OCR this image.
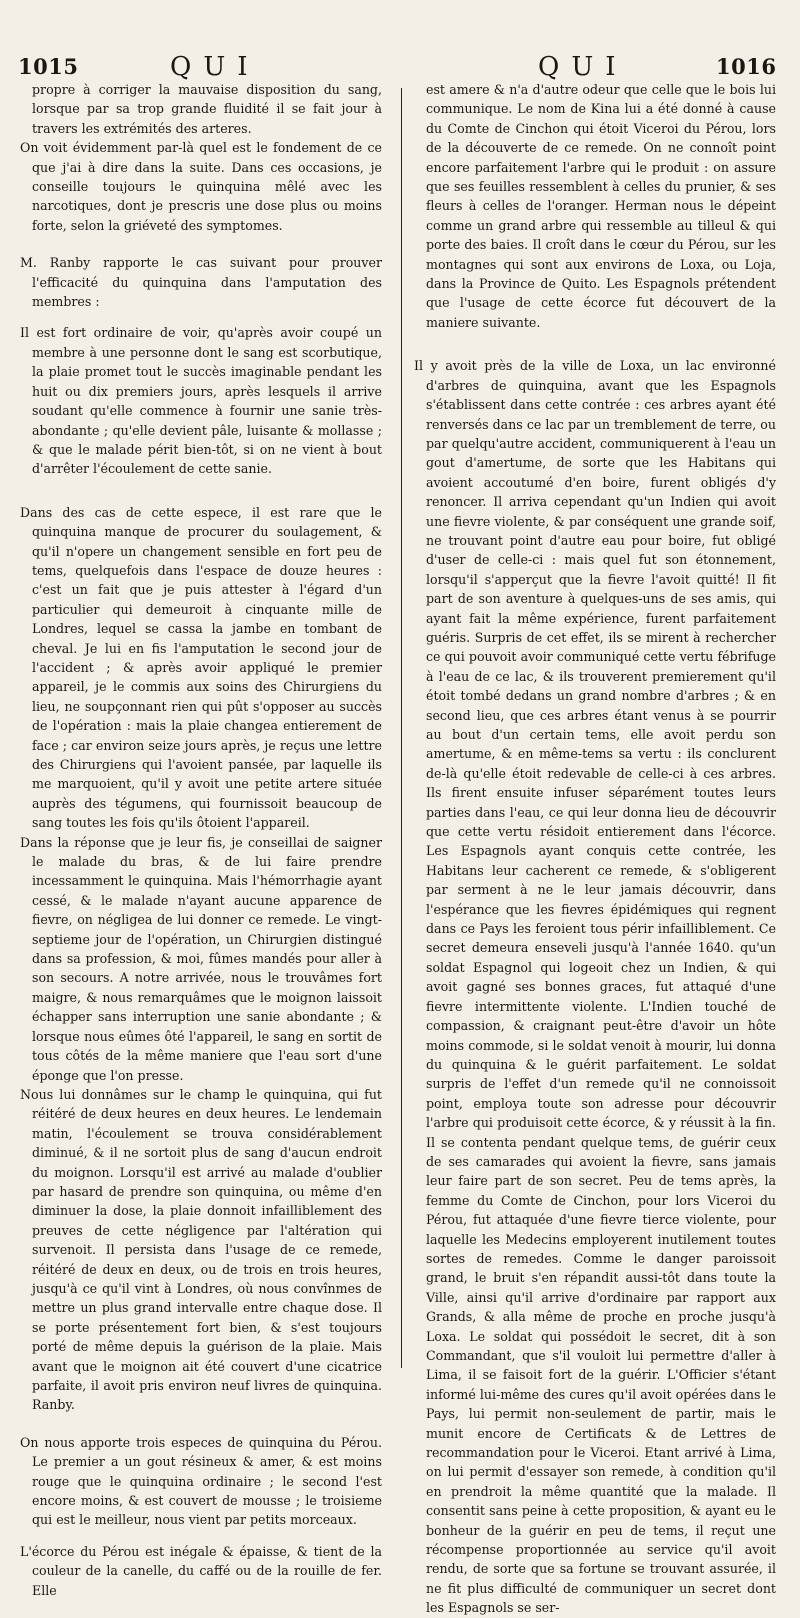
1015	QUI	QUI	1016

propre à corriger la mauvaise disposition du sang, lorsque par sa trop grande fluidité il se fait jour à travers les extrémités des arteres.

On voit évidemment par-là quel est le fondement de ce que j'ai à dire dans la suite. Dans ces occasions, je conseille toujours le quinquina mêlé avec les narcotiques, dont je prescris une dose plus ou moins forte, selon la griéveté des symptomes.

M. Ranby rapporte le cas suivant pour prouver l'efficacité du quinquina dans l'amputation des membres :

Il est fort ordinaire de voir, qu'après avoir coupé un membre à une personne dont le sang est scorbutique, la plaie promet tout le succès imaginable pendant les huit ou dix premiers jours, après lesquels il arrive soudant qu'elle commence à fournir une sanie très-abondante ; qu'elle devient pâle, luisante & mollasse ; & que le malade périt bien-tôt, si on ne vient à bout d'arrêter l'écoulement de cette sanie.

Dans des cas de cette espece, il est rare que le quinquina manque de procurer du soulagement, & qu'il n'opere un changement sensible en fort peu de tems, quelquefois dans l'espace de douze heures : c'est un fait que je puis attester à l'égard d'un particulier qui demeuroit à cinquante mille de Londres, lequel se cassa la jambe en tombant de cheval. Je lui en fis l'amputation le second jour de l'accident ; & après avoir appliqué le premier appareil, je le commis aux soins des Chirurgiens du lieu, ne soupçonnant rien qui pût s'opposer au succès de l'opération : mais la plaie changea entierement de face ; car environ seize jours après, je reçus une lettre des Chirurgiens qui l'avoient pansée, par laquelle ils me marquoient, qu'il y avoit une petite artere située auprès des tégumens, qui fournissoit beaucoup de sang toutes les fois qu'ils ôtoient l'appareil.

Dans la réponse que je leur fis, je conseillai de saigner le malade du bras, & de lui faire prendre incessamment le quinquina. Mais l'hémorrhagie ayant cessé, & le malade n'ayant aucune apparence de fievre, on négligea de lui donner ce remede. Le vingt-septieme jour de l'opération, un Chirurgien distingué dans sa profession, & moi, fûmes mandés pour aller à son secours. A notre arrivée, nous le trouvâmes fort maigre, & nous remarquâmes que le moignon laissoit échapper sans interruption une sanie abondante ; & lorsque nous eûmes ôté l'appareil, le sang en sortit de tous côtés de la même maniere que l'eau sort d'une éponge que l'on presse.

Nous lui donnâmes sur le champ le quinquina, qui fut réitéré de deux heures en deux heures. Le lendemain matin, l'écoulement se trouva considérablement diminué, & il ne sortoit plus de sang d'aucun endroit du moignon. Lorsqu'il est arrivé au malade d'oublier par hasard de prendre son quinquina, ou même d'en diminuer la dose, la plaie donnoit infailliblement des preuves de cette négligence par l'altération qui survenoit. Il persista dans l'usage de ce remede, réitéré de deux en deux, ou de trois en trois heures, jusqu'à ce qu'il vint à Londres, où nous convînmes de mettre un plus grand intervalle entre chaque dose. Il se porte présentement fort bien, & s'est toujours porté de même depuis la guérison de la plaie. Mais avant que le moignon ait été couvert d'une cicatrice parfaite, il avoit pris environ neuf livres de quinquina. Ranby.

On nous apporte trois especes de quinquina du Pérou. Le premier a un gout résineux & amer, & est moins rouge que le quinquina ordinaire ; le second l'est encore moins, & est couvert de mousse ; le troisieme qui est le meilleur, nous vient par petits morceaux.

L'écorce du Pérou est inégale & épaisse, & tient de la couleur de la canelle, du caffé ou de la rouille de fer. Elle

est amere & n'a d'autre odeur que celle que le bois lui communique. Le nom de Kina lui a été donné à cause du Comte de Cinchon qui étoit Viceroi du Pérou, lors de la découverte de ce remede. On ne connoît point encore parfaitement l'arbre qui le produit : on assure que ses feuilles ressemblent à celles du prunier, & ses fleurs à celles de l'oranger. Herman nous le dépeint comme un grand arbre qui ressemble au tilleul & qui porte des baies. Il croît dans le cœur du Pérou, sur les montagnes qui sont aux environs de Loxa, ou Loja, dans la Province de Quito. Les Espagnols prétendent que l'usage de cette écorce fut découvert de la maniere suivante.

Il y avoit près de la ville de Loxa, un lac environné d'arbres de quinquina, avant que les Espagnols s'établissent dans cette contrée : ces arbres ayant été renversés dans ce lac par un tremblement de terre, ou par quelqu'autre accident, communiquerent à l'eau un gout d'amertume, de sorte que les Habitans qui avoient accoutumé d'en boire, furent obligés d'y renoncer. Il arriva cependant qu'un Indien qui avoit une fievre violente, & par conséquent une grande soif, ne trouvant point d'autre eau pour boire, fut obligé d'user de celle-ci : mais quel fut son étonnement, lorsqu'il s'apperçut que la fievre l'avoit quitté! Il fit part de son aventure à quelques-uns de ses amis, qui ayant fait la même expérience, furent parfaitement guéris. Surpris de cet effet, ils se mirent à rechercher ce qui pouvoit avoir communiqué cette vertu fébrifuge à l'eau de ce lac, & ils trouverent premierement qu'il étoit tombé dedans un grand nombre d'arbres ; & en second lieu, que ces arbres étant venus à se pourrir au bout d'un certain tems, elle avoit perdu son amertume, & en même-tems sa vertu : ils conclurent de-là qu'elle étoit redevable de celle-ci à ces arbres. Ils firent ensuite infuser séparément toutes leurs parties dans l'eau, ce qui leur donna lieu de découvrir que cette vertu résidoit entierement dans l'écorce. Les Espagnols ayant conquis cette contrée, les Habitans leur cacherent ce remede, & s'obligerent par serment à ne le leur jamais découvrir, dans l'espérance que les fievres épidémiques qui regnent dans ce Pays les feroient tous périr infailliblement. Ce secret demeura enseveli jusqu'à l'année 1640. qu'un soldat Espagnol qui logeoit chez un Indien, & qui avoit gagné ses bonnes graces, fut attaqué d'une fievre intermittente violente. L'Indien touché de compassion, & craignant peut-être d'avoir un hôte moins commode, si le soldat venoit à mourir, lui donna du quinquina & le guérit parfaitement. Le soldat surpris de l'effet d'un remede qu'il ne connoissoit point, employa toute son adresse pour découvrir l'arbre qui produisoit cette écorce, & y réussit à la fin. Il se contenta pendant quelque tems, de guérir ceux de ses camarades qui avoient la fievre, sans jamais leur faire part de son secret. Peu de tems après, la femme du Comte de Cinchon, pour lors Viceroi du Pérou, fut attaquée d'une fievre tierce violente, pour laquelle les Medecins employerent inutilement toutes sortes de remedes. Comme le danger paroissoit grand, le bruit s'en répandit aussi-tôt dans toute la Ville, ainsi qu'il arrive d'ordinaire par rapport aux Grands, & alla même de proche en proche jusqu'à Loxa. Le soldat qui possédoit le secret, dit à son Commandant, que s'il vouloit lui permettre d'aller à Lima, il se faisoit fort de la guérir. L'Officier s'étant informé lui-même des cures qu'il avoit opérées dans le Pays, lui permit non-seulement de partir, mais le munit encore de Certificats & de Lettres de recommandation pour le Viceroi. Etant arrivé à Lima, on lui permit d'essayer son remede, à condition qu'il en prendroit la même quantité que la malade. Il consentit sans peine à cette proposition, & ayant eu le bonheur de la guérir en peu de tems, il reçut une récompense proportionnée au service qu'il avoit rendu, de sorte que sa fortune se trouvant assurée, il ne fit plus difficulté de communiquer un secret dont les Espagnols se ser-
